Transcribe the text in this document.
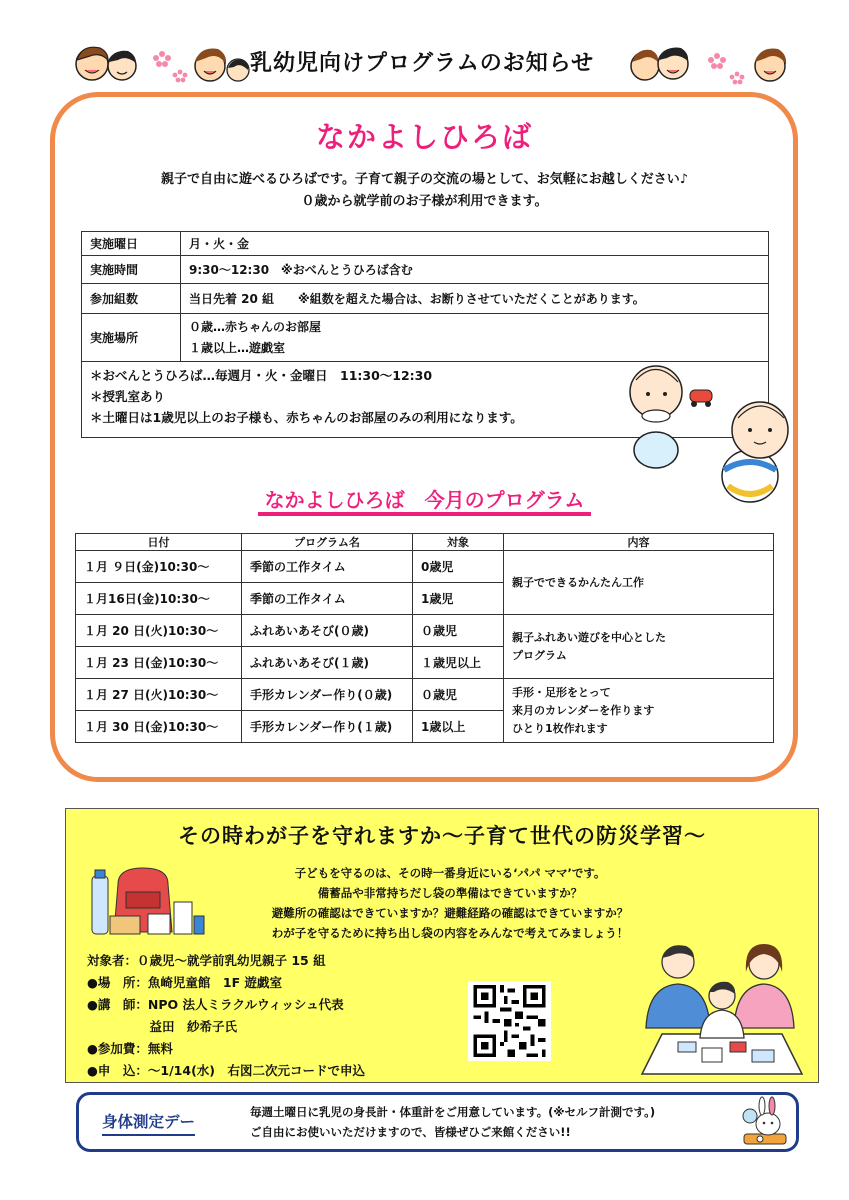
乳幼児向けプログラムのお知らせ
なかよしひろば
親子で自由に遊べるひろばです。子育て親子の交流の場として、お気軽にお越しください♪
０歳から就学前のお子様が利用できます。
実施曜日	月・火・金
実施時間	9:30～12:30　※おべんとうひろば含む
参加組数	当日先着 20 組　　※組数を超えた場合は、お断りさせていただくことがあります。
実施場所	０歳…赤ちゃんのお部屋
１歳以上…遊戯室
＊おべんとうひろば…毎週月・火・金曜日　11:30～12:30
＊授乳室あり
＊土曜日は1歳児以上のお子様も、赤ちゃんのお部屋のみの利用になります。
なかよしひろば　今月のプログラム
日付	プログラム名	対象	内容
１月 ９日(金)10:30～	季節の工作タイム	0歳児	親子でできるかんたん工作

１月16日(金)10:30～	季節の工作タイム	1歳児	
１月 20 日(火)10:30～	ふれあいあそび(０歳)	０歳児	親子ふれあい遊びを中心とした
プログラム

１月 23 日(金)10:30～	ふれあいあそび(１歳)	１歳児以上	
１月 27 日(火)10:30～	手形カレンダー作り(０歳)	０歳児	手形・足形をとって
来月のカレンダーを作ります
ひとり1枚作れます

１月 30 日(金)10:30～	手形カレンダー作り(１歳)	1歳以上	
その時わが子を守れますか～子育て世代の防災学習～
子どもを守るのは、その時一番身近にいる‘パパ ママ’です。
備蓄品や非常持ちだし袋の準備はできていますか？
避難所の確認はできていますか？避難経路の確認はできていますか？
わが子を守るために持ち出し袋の内容をみんなで考えてみましょう！
対象者：０歳児～就学前乳幼児親子 15 組
●場　所：魚崎児童館　1F 遊戯室
●講　師：NPO 法人ミラクルウィッシュ代表
　　　　　益田　紗希子氏
●参加費：無料
●申　込：～1/14(水)　右図二次元コードで申込
身体測定デー
毎週土曜日に乳児の身長計・体重計をご用意しています。(※セルフ計測です。)
ご自由にお使いいただけますので、皆様ぜひご来館ください!!
